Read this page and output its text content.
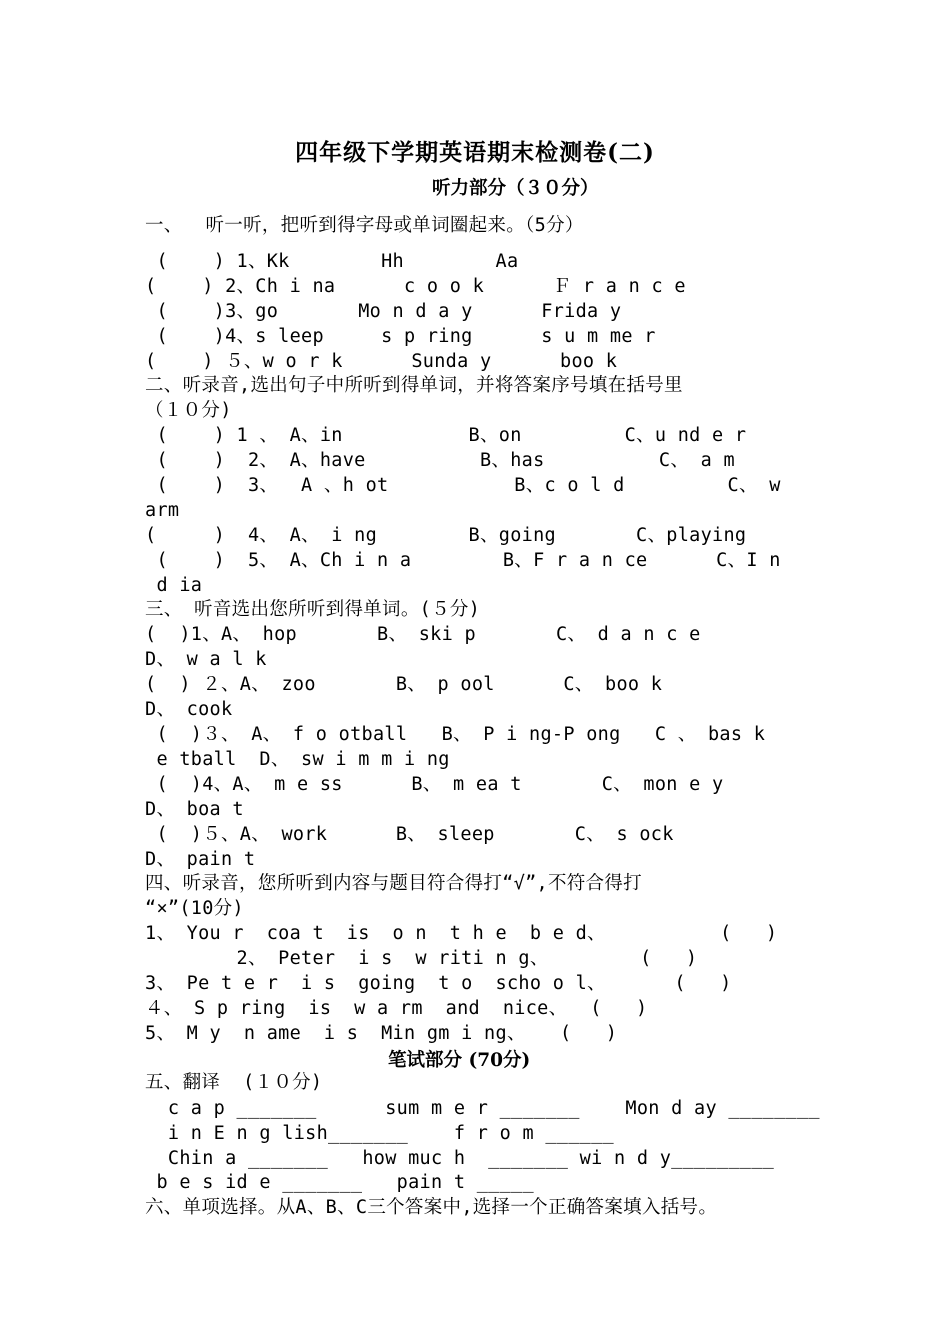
四年级下学期英语期末检测卷(二)
听力部分（３０分）
笔试部分 (70分)
一、  听一听，把听到得字母或单词圈起来。（5分）
(    ) 1、Kk        Hh        Aa
(    ) 2、Ch i na      c o o k      Ｆ r a n c e
(    )3、go       Mo n d a y      Frida y
(    )4、s leep     s p ring      s u m me r
(    ) ５、w o r k      Sunda y      boo k
二、听录音,选出句子中所听到得单词，并将答案序号填在括号里
（１０分)
(    ) 1 、 A、in           B、on         C、u nd e r
(    )  2、 A、have          B、has          C、 a m
(    )  3、  A 、h ot           B、c o l d         C、 w
arm
(     )  4、 A、 i ng        B、going       C、playing
(    )  5、 A、Ch i n a        B、F r a n ce      C、I n
d ia
三、 听音选出您所听到得单词。(５分)
(  )1、A、 hop       B、 ski p       C、 d a n c e
D、 w a l k
(  ) ２、A、 zoo       B、 p ool      C、 boo k
D、 cook
(  )３、 A、 f o otball   B、 P i ng-P ong   C 、 bas k
e tball  D、 sw i m m i ng
(  )4、A、 m e ss      B、 m ea t       C、 mon e y
D、 boa t
(  )５、A、 work      B、 sleep       C、 s ock
D、 pain t
四、听录音，您所听到内容与题目符合得打“√”,不符合得打
“×”(10分)
1、 You r  coa t  is  o n  t h e  b e d、          (   )
2、 Peter  i s  w riti n g、        (   )
3、 Pe t e r  i s  going  t o  scho o l、      (   )
４、 S p ring  is  w a rm  and  nice、  (   )
5、 M y  n ame  i s  Min gm i ng、   (   )
五、翻译  (１０分)
c a p _______      sum m e r _______    Mon d ay ________
i n E n g lish_______    f r o m ______
Chin a _______   how muc h  _______ wi n d y_________
b e s id e _______   pain t _____
六、单项选择。从A、B、C三个答案中,选择一个正确答案填入括号。
